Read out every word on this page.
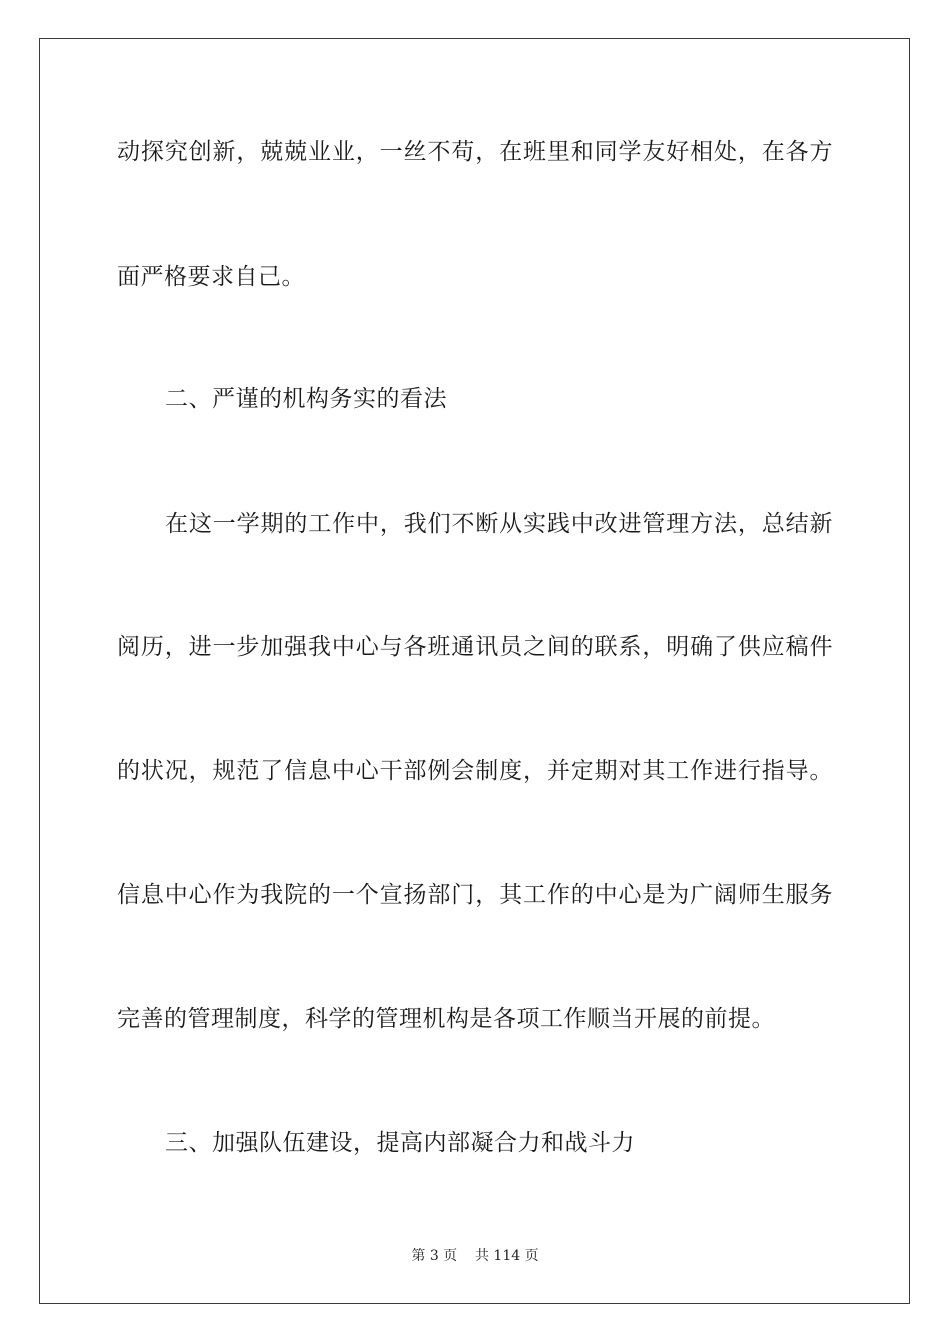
动探究创新，兢兢业业，一丝不苟，在班里和同学友好相处，在各方
面严格要求自己。
二、严谨的机构务实的看法
在这一学期的工作中，我们不断从实践中改进管理方法，总结新
阅历，进一步加强我中心与各班通讯员之间的联系，明确了供应稿件
的状况，规范了信息中心干部例会制度，并定期对其工作进行指导。
信息中心作为我院的一个宣扬部门，其工作的中心是为广阔师生服务
完善的管理制度，科学的管理机构是各项工作顺当开展的前提。
三、加强队伍建设，提高内部凝合力和战斗力
第 3 页    共 114 页
